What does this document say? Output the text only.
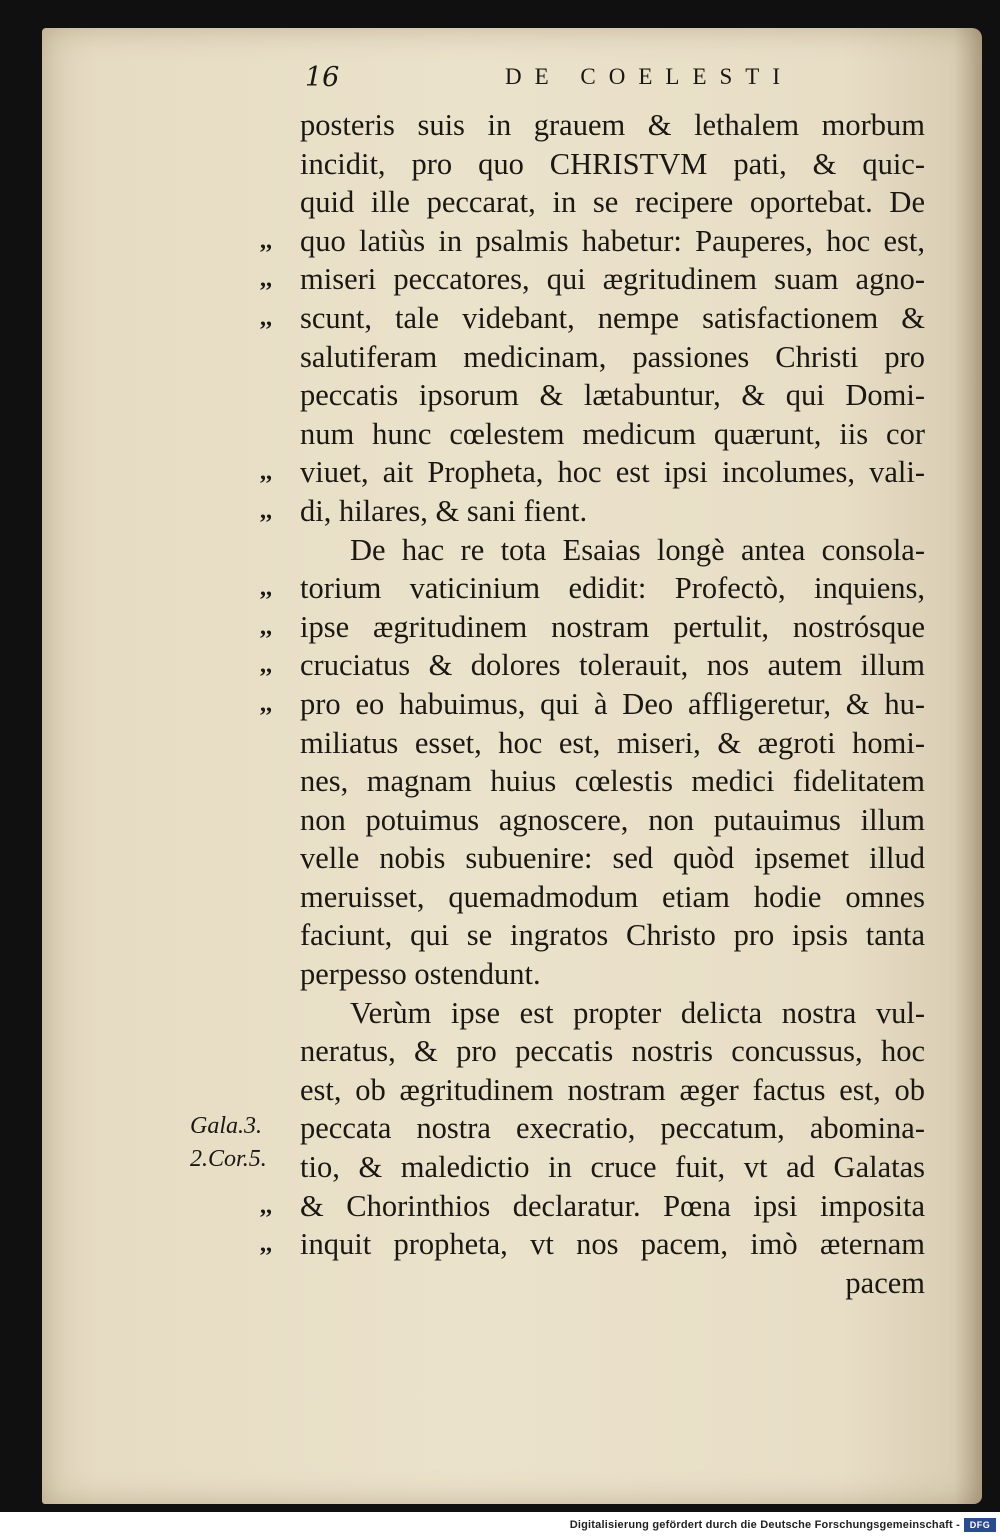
16	DE COELESTI
posteris suis in grauem & lethalem morbum
incidit, pro quo CHRISTVM pati, & quic-
quid ille peccarat, in se recipere oportebat. De
,, quo latiùs in psalmis habetur: Pauperes, hoc est,
,, miseri peccatores, qui ægritudinem suam agno-
,, scunt, tale videbant, nempe satisfactionem &
salutiferam medicinam, passiones Christi pro
peccatis ipsorum & lætabuntur, & qui Domi-
num hunc cœlestem medicum quærunt, iis cor
,, viuet, ait Propheta, hoc est ipsi incolumes, vali-
,, di, hilares, & sani fient.
De hac re tota Esaias longè antea consola-
,, torium vaticinium edidit: Profectò, inquiens,
,, ipse ægritudinem nostram pertulit, nostrósque
,, cruciatus & dolores tolerauit, nos autem illum
,, pro eo habuimus, qui à Deo affligeretur, & hu-
miliatus esset, hoc est, miseri, & ægroti homi-
nes, magnam huius cœlestis medici fidelitatem
non potuimus agnoscere, non putauimus illum
velle nobis subuenire: sed quòd ipsemet illud
meruisset, quemadmodum etiam hodie omnes
faciunt, qui se ingratos Christo pro ipsis tanta
perpesso ostendunt.
Verùm ipse est propter delicta nostra vul-
neratus, & pro peccatis nostris concussus, hoc
est, ob ægritudinem nostram æger factus est, ob
peccata nostra execratio, peccatum, abomina-
tio, & maledictio in cruce fuit, vt ad Galatas
,, & Chorinthios declaratur. Pœna ipsi imposita
,, inquit propheta, vt nos pacem, imò æternam
pacem
Gala.3.
2.Cor.5.
Digitalisierung gefördert durch die Deutsche Forschungsgemeinschaft -	DFG
